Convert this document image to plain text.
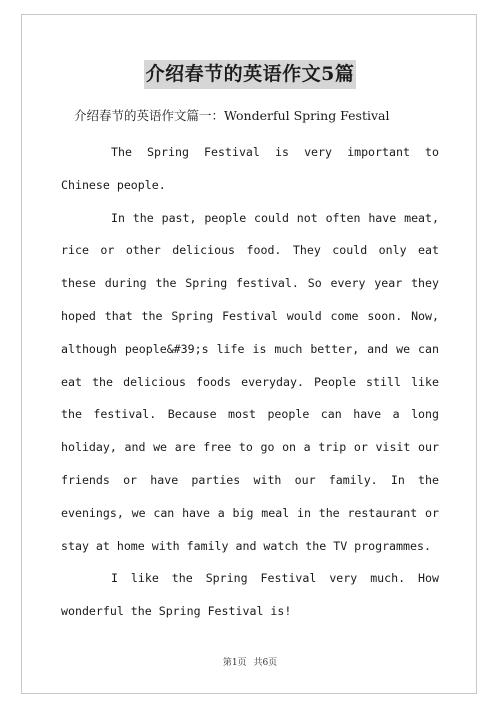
介绍春节的英语作文5篇
介绍春节的英语作文篇一：Wonderful Spring Festival

The Spring Festival is very important to Chinese people.

In the past, people could not often have meat, rice or other delicious food. They could only eat these during the Spring festival. So every year they hoped that the Spring Festival would come soon. Now, although people&#39;s life is much better, and we can eat the delicious foods everyday. People still like the festival. Because most people can have a long holiday, and we are free to go on a trip or visit our friends or have parties with our family. In the evenings, we can have a big meal in the restaurant or stay at home with family and watch the TV programmes.

I like the Spring Festival very much. How wonderful the Spring Festival is!

第1页 共6页
